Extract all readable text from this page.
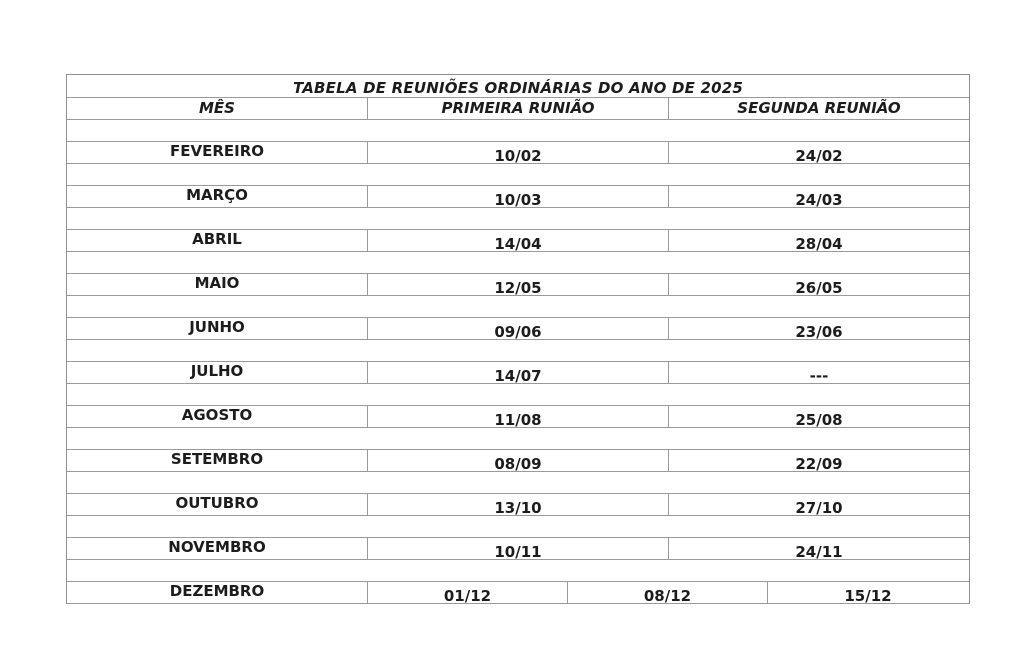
TABELA DE REUNIÕES ORDINÁRIAS DO ANO DE 2025
MÊS	PRIMEIRA RUNIÃO	SEGUNDA REUNIÃO
FEVEREIRO	10/02	24/02
MARÇO	10/03	24/03
ABRIL	14/04	28/04
MAIO	12/05	26/05
JUNHO	09/06	23/06
JULHO	14/07	---
AGOSTO	11/08	25/08
SETEMBRO	08/09	22/09
OUTUBRO	13/10	27/10
NOVEMBRO	10/11	24/11
DEZEMBRO	01/12	08/12	15/12
